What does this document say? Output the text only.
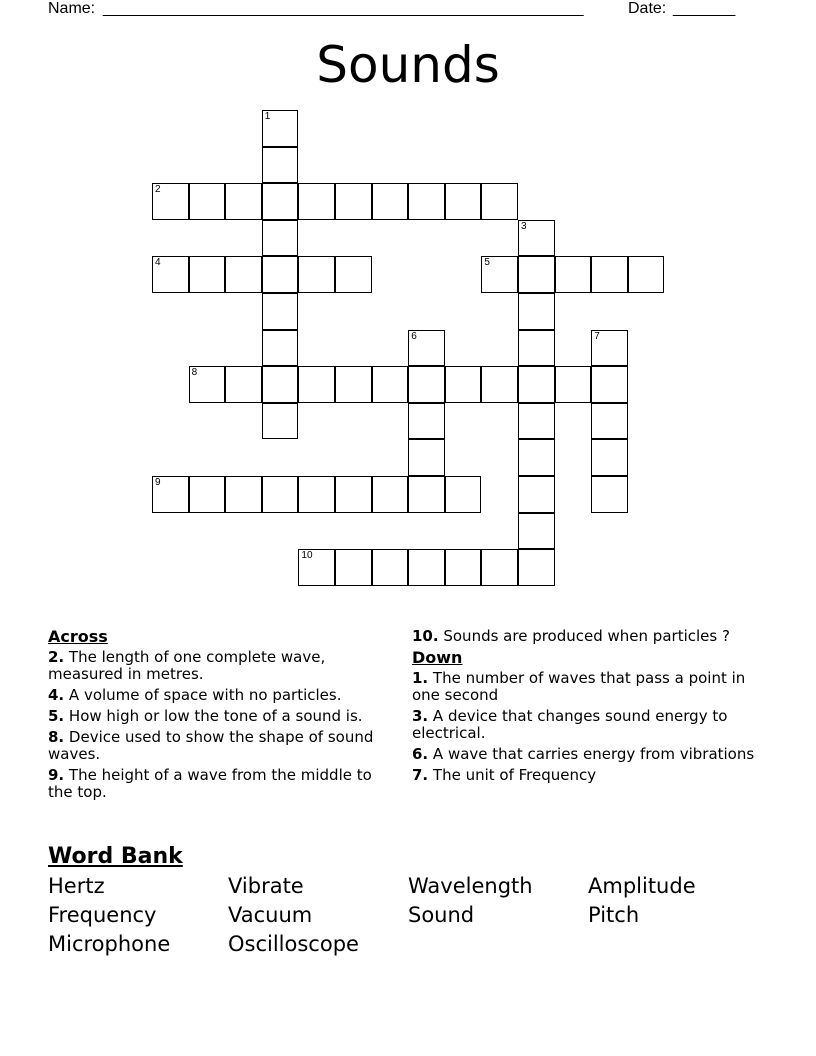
Name: ______________________________________________________	Date: _______
Sounds
1
2
3
4	5
6	7
8
9
10
Across
2. The length of one complete wave, measured in metres.
4. A volume of space with no particles.
5. How high or low the tone of a sound is.
8. Device used to show the shape of sound waves.
9. The height of a wave from the middle to the top.
10. Sounds are produced when particles ?
Down
1. The number of waves that pass a point in one second
3. A device that changes sound energy to electrical.
6. A wave that carries energy from vibrations
7. The unit of Frequency
Word Bank
Hertz	Vibrate	Wavelength	Amplitude
Frequency	Vacuum	Sound	Pitch
Microphone	Oscilloscope
